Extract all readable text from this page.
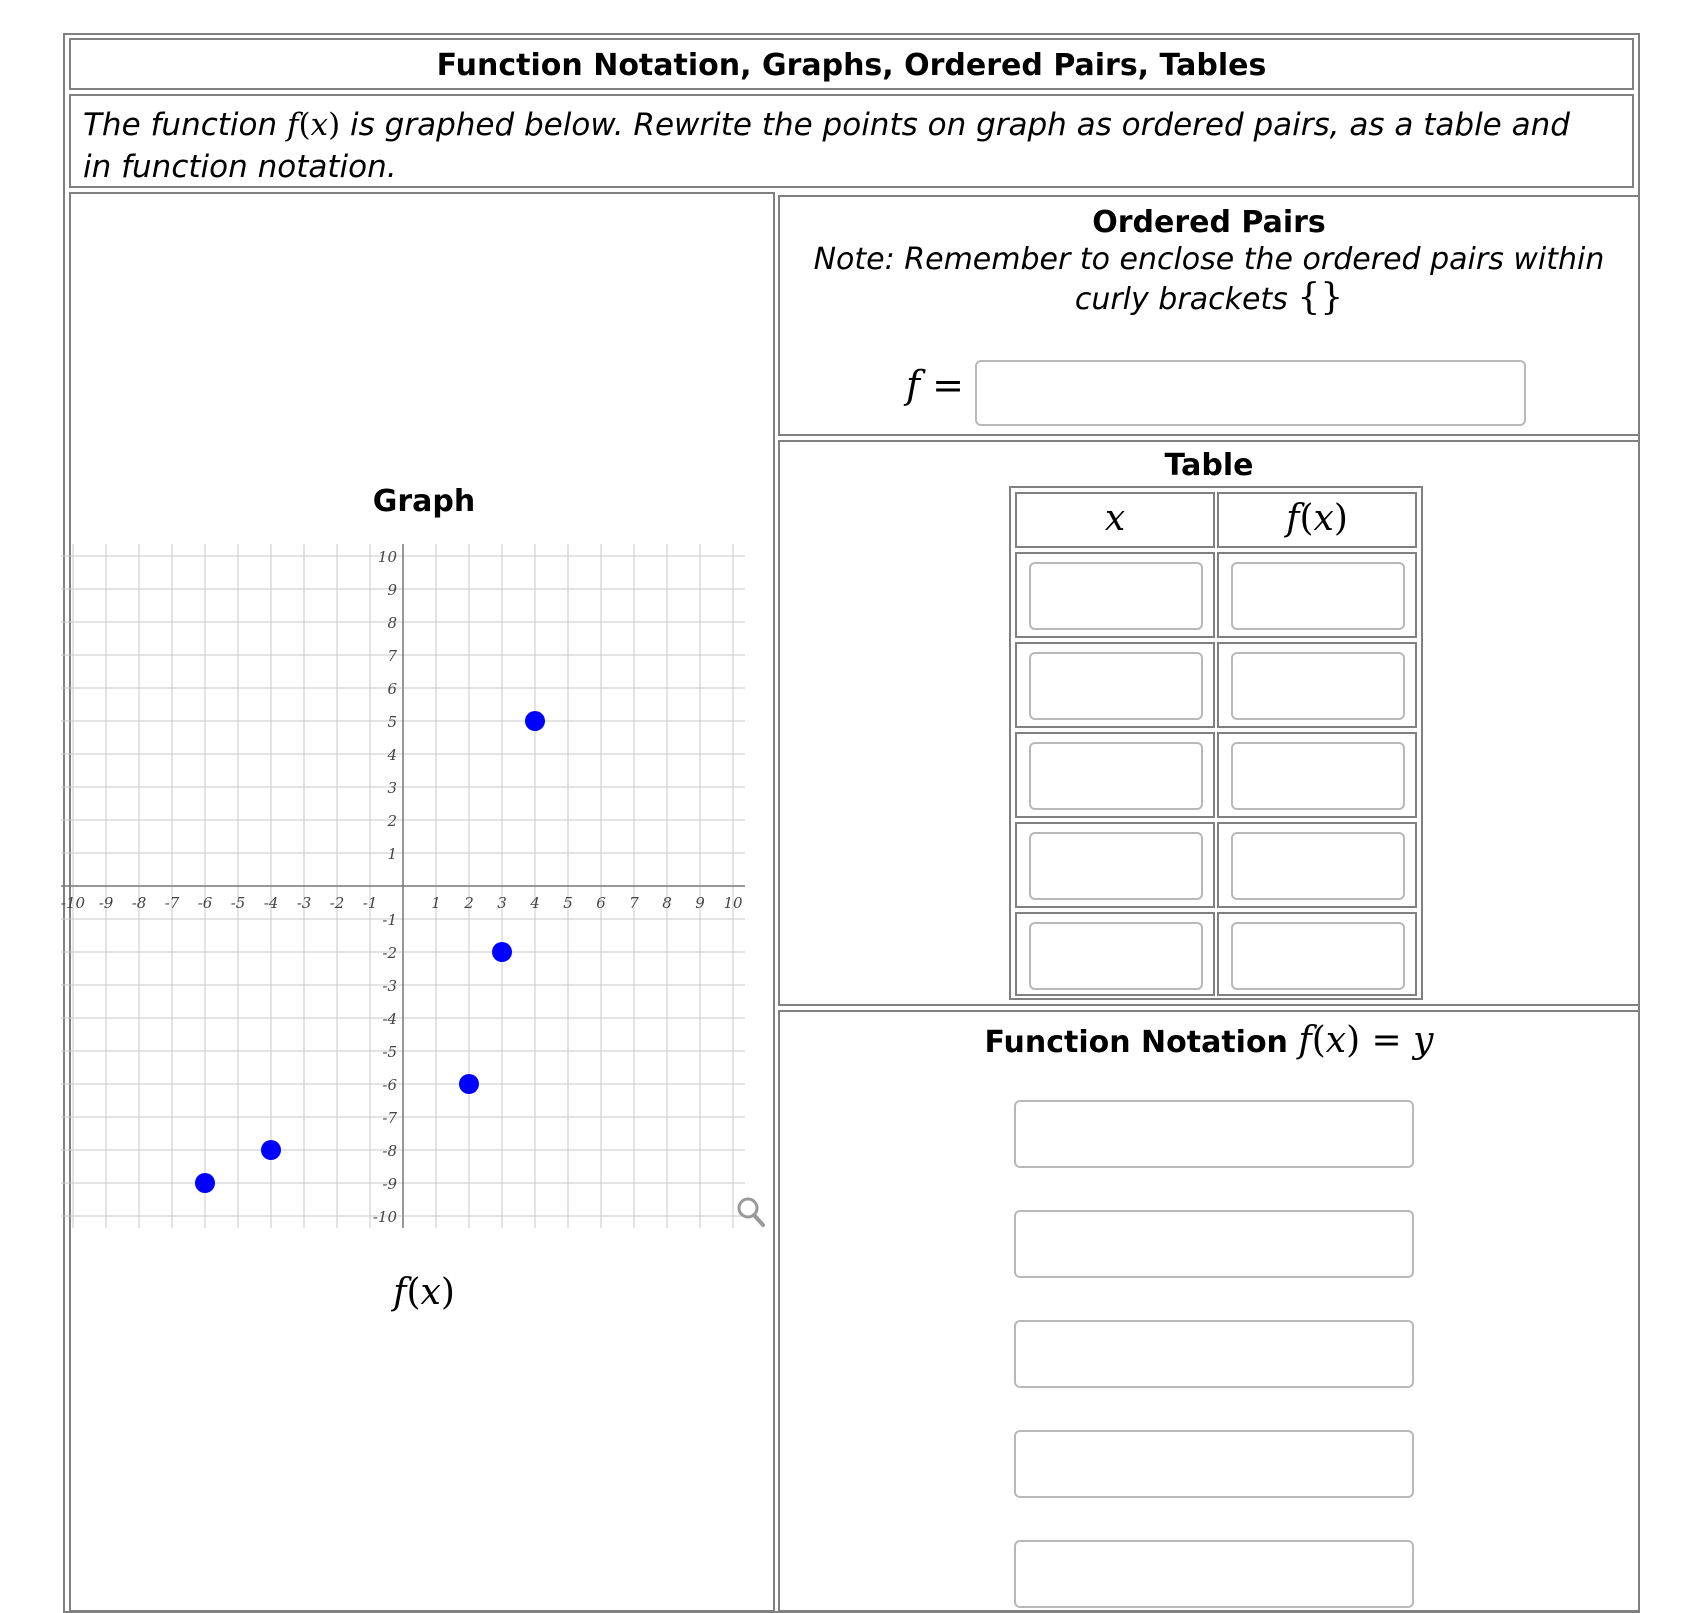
Function Notation, Graphs, Ordered Pairs, Tables
The function f(x) is graphed below. Rewrite the points on graph as ordered pairs, as a table and in function notation.
Graph
-10 -9 -8 -7 -6 -5 -4 -3 -2 -1	1 2 3 4 5 6 7 8 9 10
10
9
8
7
6
5
4
3
2
1
-1
-2
-3
-4
-5
-6
-7
-8
-9
-10
f(x)
Ordered Pairs
Note: Remember to enclose the ordered pairs within
curly brackets {}
f =
Table
x	f(x)
Function Notation f(x) = y
